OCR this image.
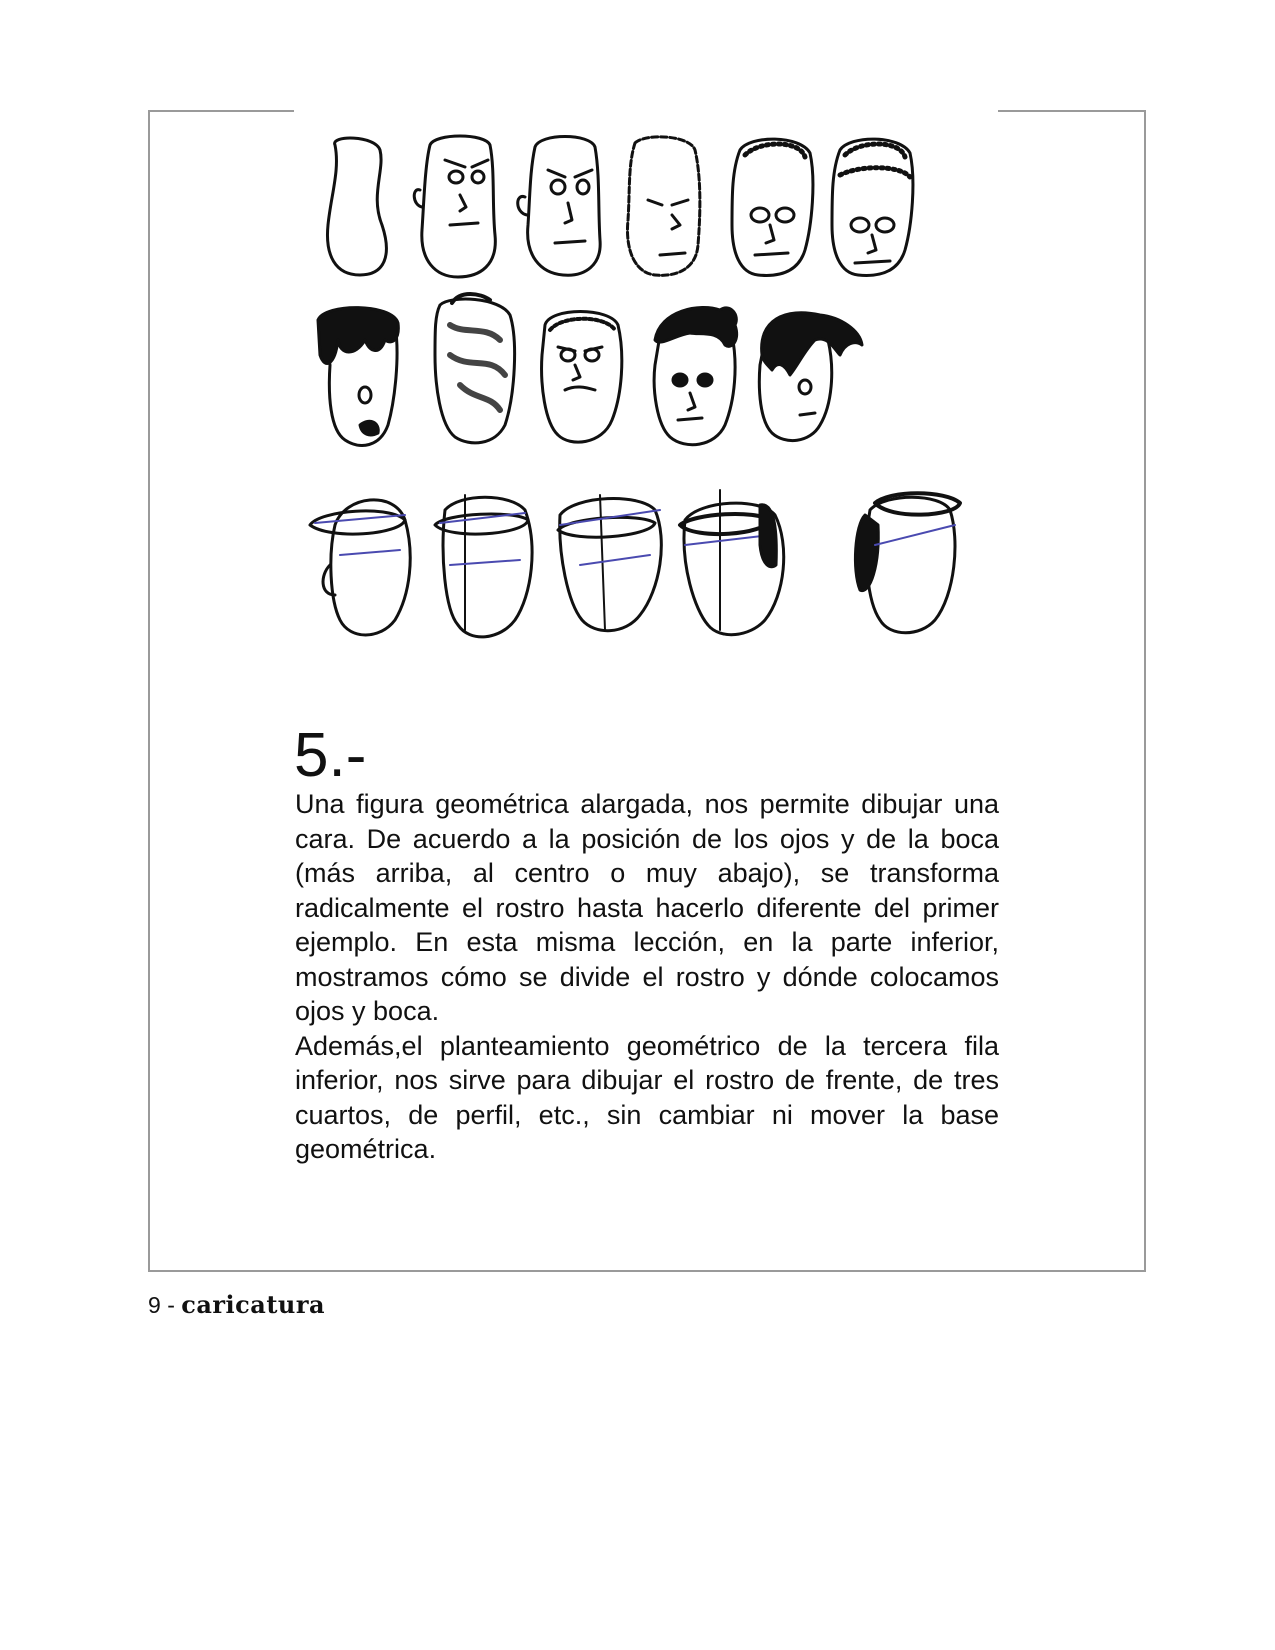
5.-

Una figura geométrica alargada, nos permite dibujar una cara. De acuerdo a la posición de los ojos y de la boca (más arriba, al centro o muy abajo), se transforma radicalmente el rostro hasta hacerlo diferente del primer ejemplo. En esta misma lección, en la parte inferior, mostramos cómo se divide el rostro y dónde colocamos ojos y boca.

Además,el planteamiento geométrico de la tercera fila inferior, nos sirve para dibujar el rostro de frente, de tres cuartos, de perfil, etc., sin cambiar ni mover la base geométrica.

9 - caricatura
